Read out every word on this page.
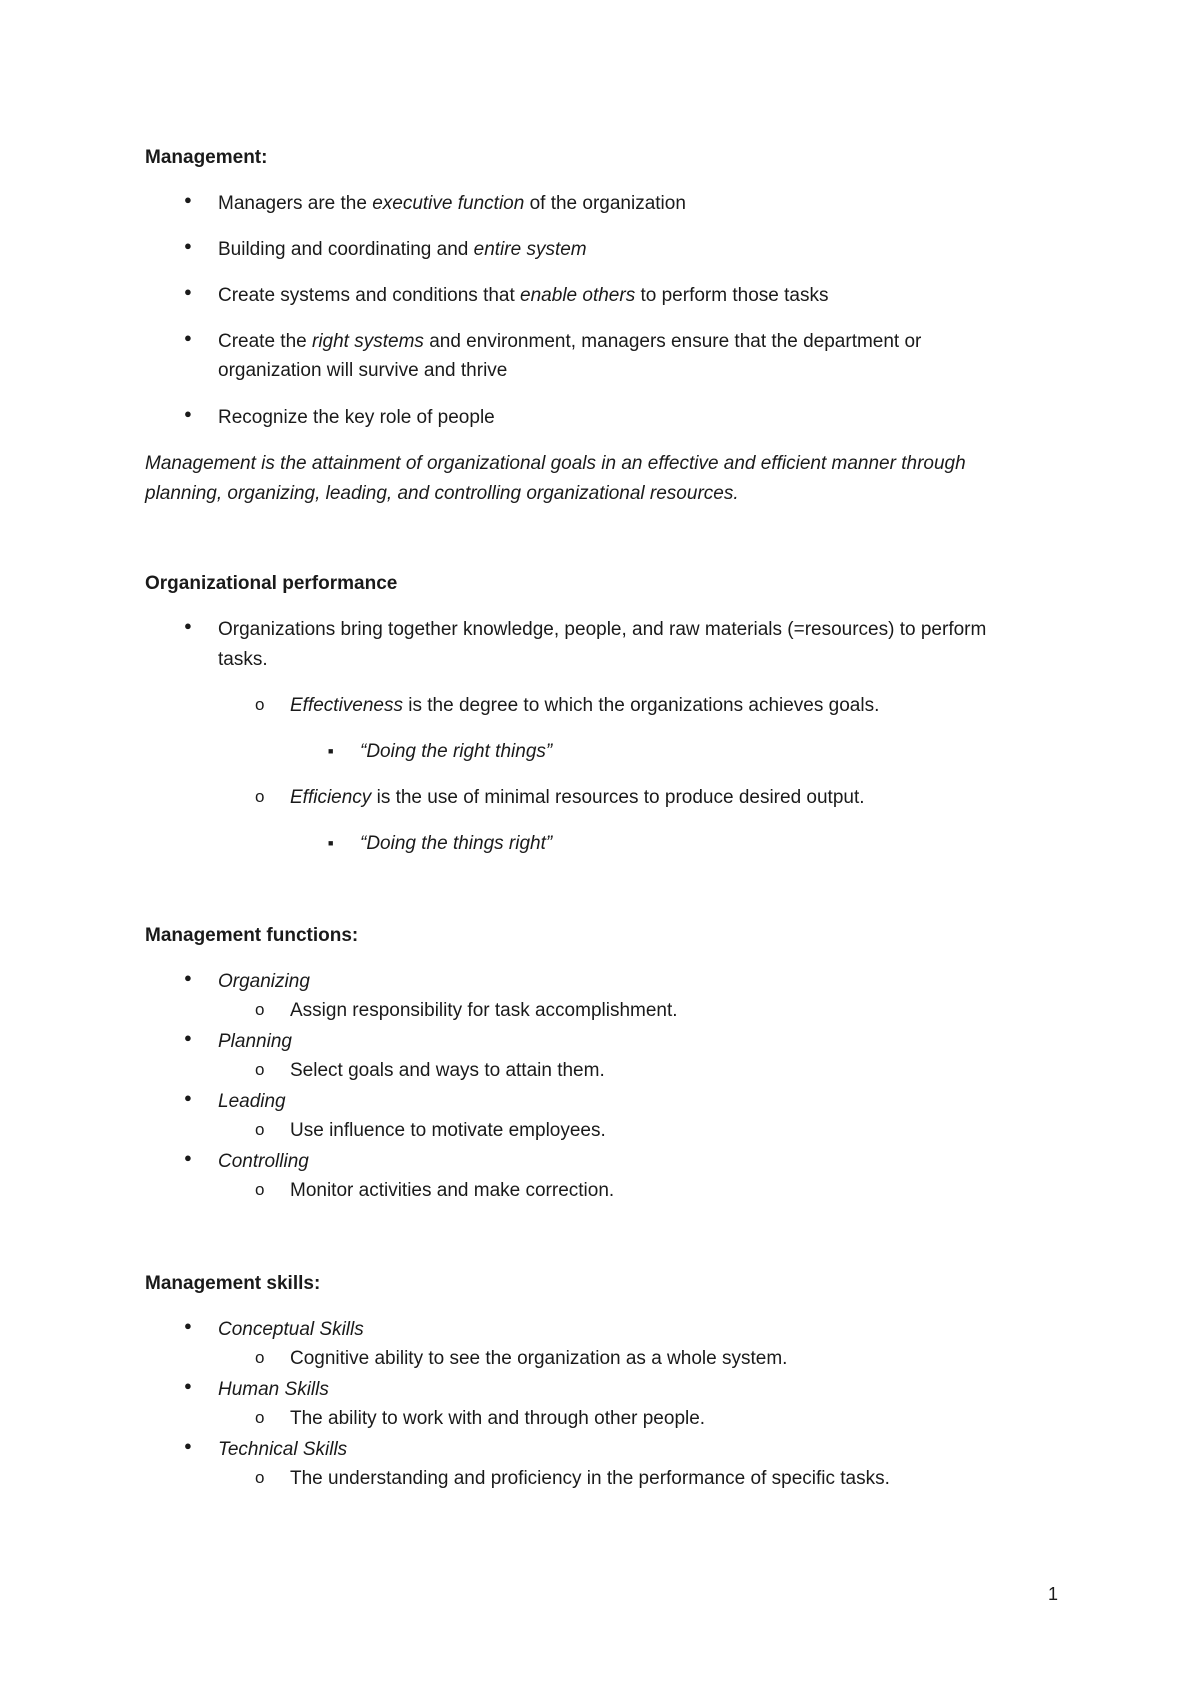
Management:
● Managers are the executive function of the organization
● Building and coordinating and entire system
● Create systems and conditions that enable others to perform those tasks
● Create the right systems and environment, managers ensure that the department or
organization will survive and thrive
● Recognize the key role of people
Management is the attainment of organizational goals in an effective and efficient manner through
planning, organizing, leading, and controlling organizational resources.
Organizational performance
● Organizations bring together knowledge, people, and raw materials (=resources) to perform
tasks.
o Effectiveness is the degree to which the organizations achieves goals.
■ “Doing the right things”
o Efficiency is the use of minimal resources to produce desired output.
■ “Doing the things right”
Management functions:
● Organizing
o Assign responsibility for task accomplishment.
● Planning
o Select goals and ways to attain them.
● Leading
o Use influence to motivate employees.
● Controlling
o Monitor activities and make correction.
Management skills:
● Conceptual Skills
o Cognitive ability to see the organization as a whole system.
● Human Skills
o The ability to work with and through other people.
● Technical Skills
o The understanding and proficiency in the performance of specific tasks.
1
